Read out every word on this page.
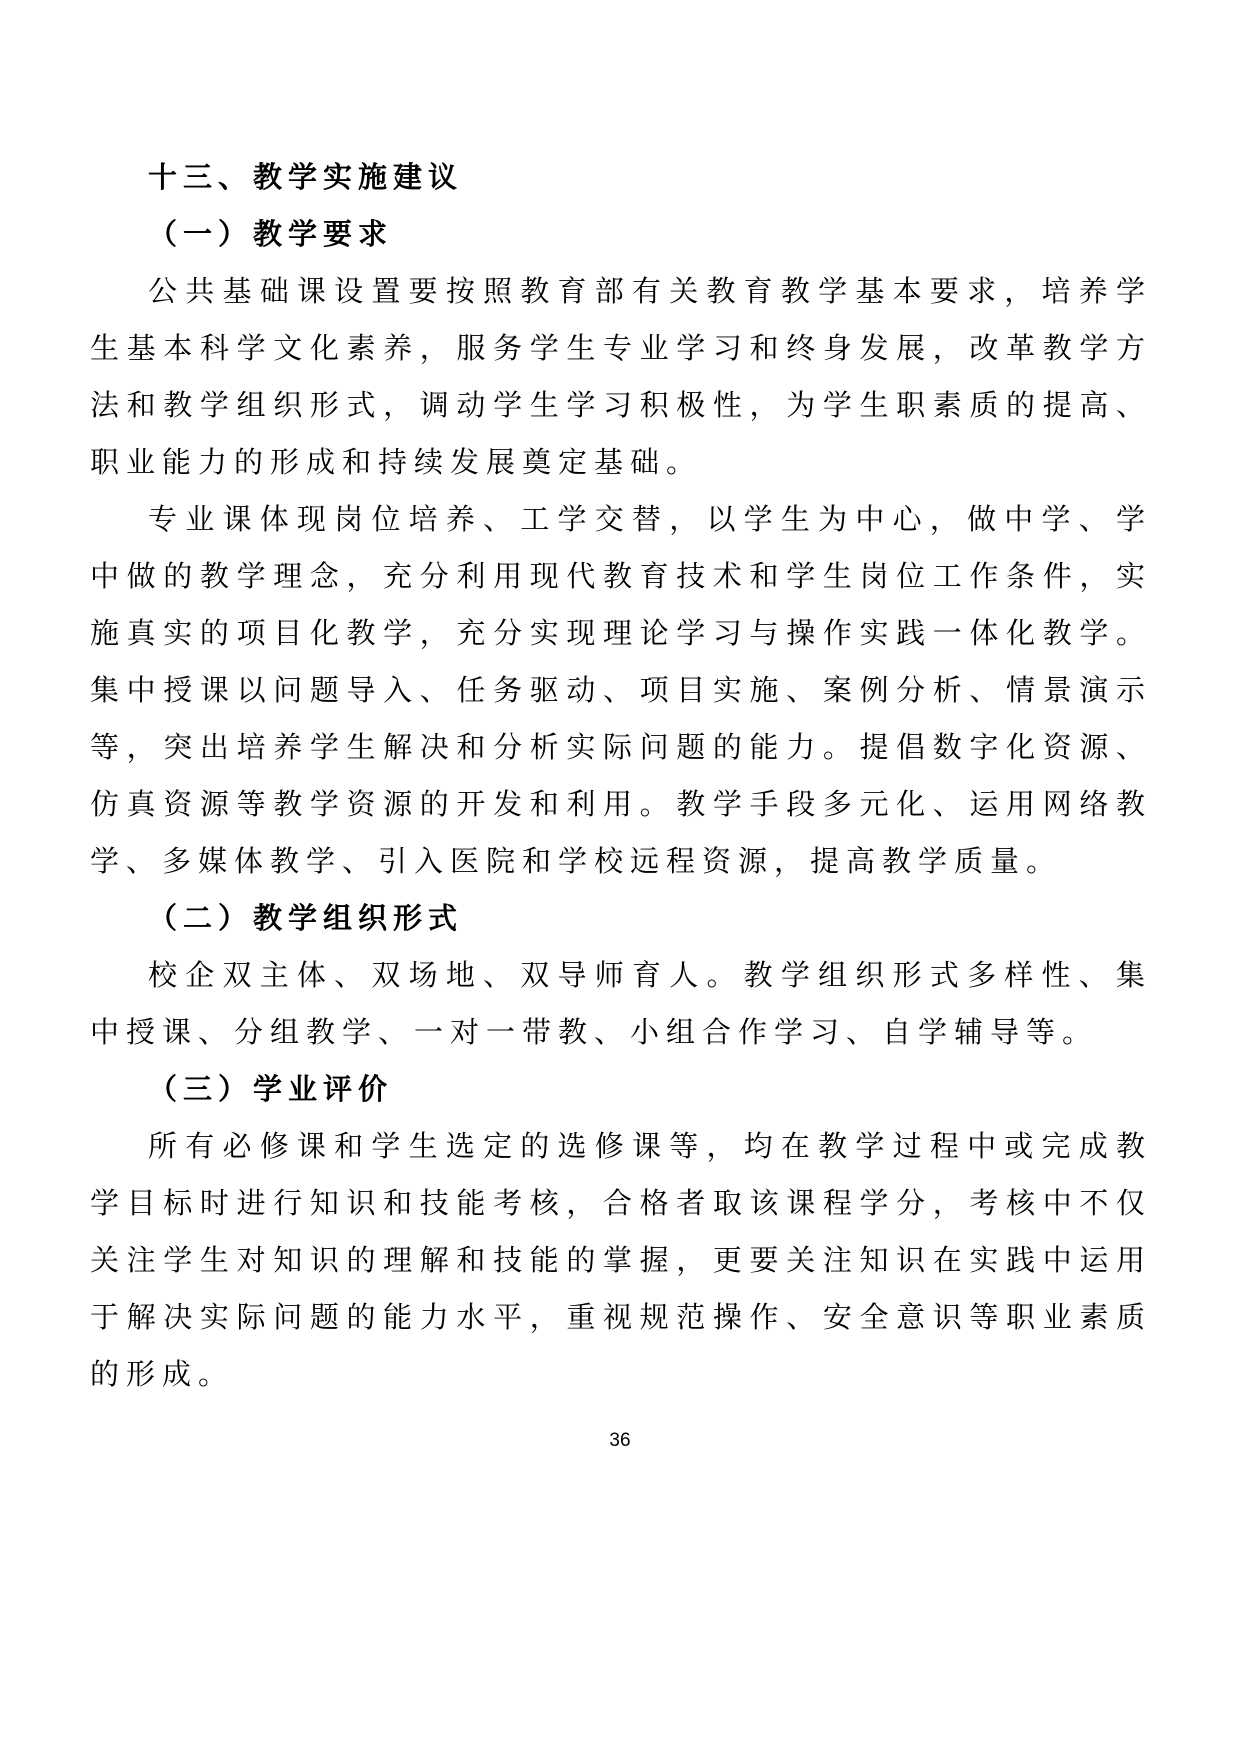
十三、教学实施建议
（一）教学要求

公共基础课设置要按照教育部有关教育教学基本要求，培养学生基本科学文化素养，服务学生专业学习和终身发展，改革教学方法和教学组织形式，调动学生学习积极性，为学生职素质的提高、职业能力的形成和持续发展奠定基础。

专业课体现岗位培养、工学交替，以学生为中心，做中学、学中做的教学理念，充分利用现代教育技术和学生岗位工作条件，实施真实的项目化教学，充分实现理论学习与操作实践一体化教学。集中授课以问题导入、任务驱动、项目实施、案例分析、情景演示等，突出培养学生解决和分析实际问题的能力。提倡数字化资源、仿真资源等教学资源的开发和利用。教学手段多元化、运用网络教学、多媒体教学、引入医院和学校远程资源，提高教学质量。

（二）教学组织形式

校企双主体、双场地、双导师育人。教学组织形式多样性、集中授课、分组教学、一对一带教、小组合作学习、自学辅导等。

（三）学业评价

所有必修课和学生选定的选修课等，均在教学过程中或完成教学目标时进行知识和技能考核，合格者取该课程学分，考核中不仅关注学生对知识的理解和技能的掌握，更要关注知识在实践中运用于解决实际问题的能力水平，重视规范操作、安全意识等职业素质的形成。

36
